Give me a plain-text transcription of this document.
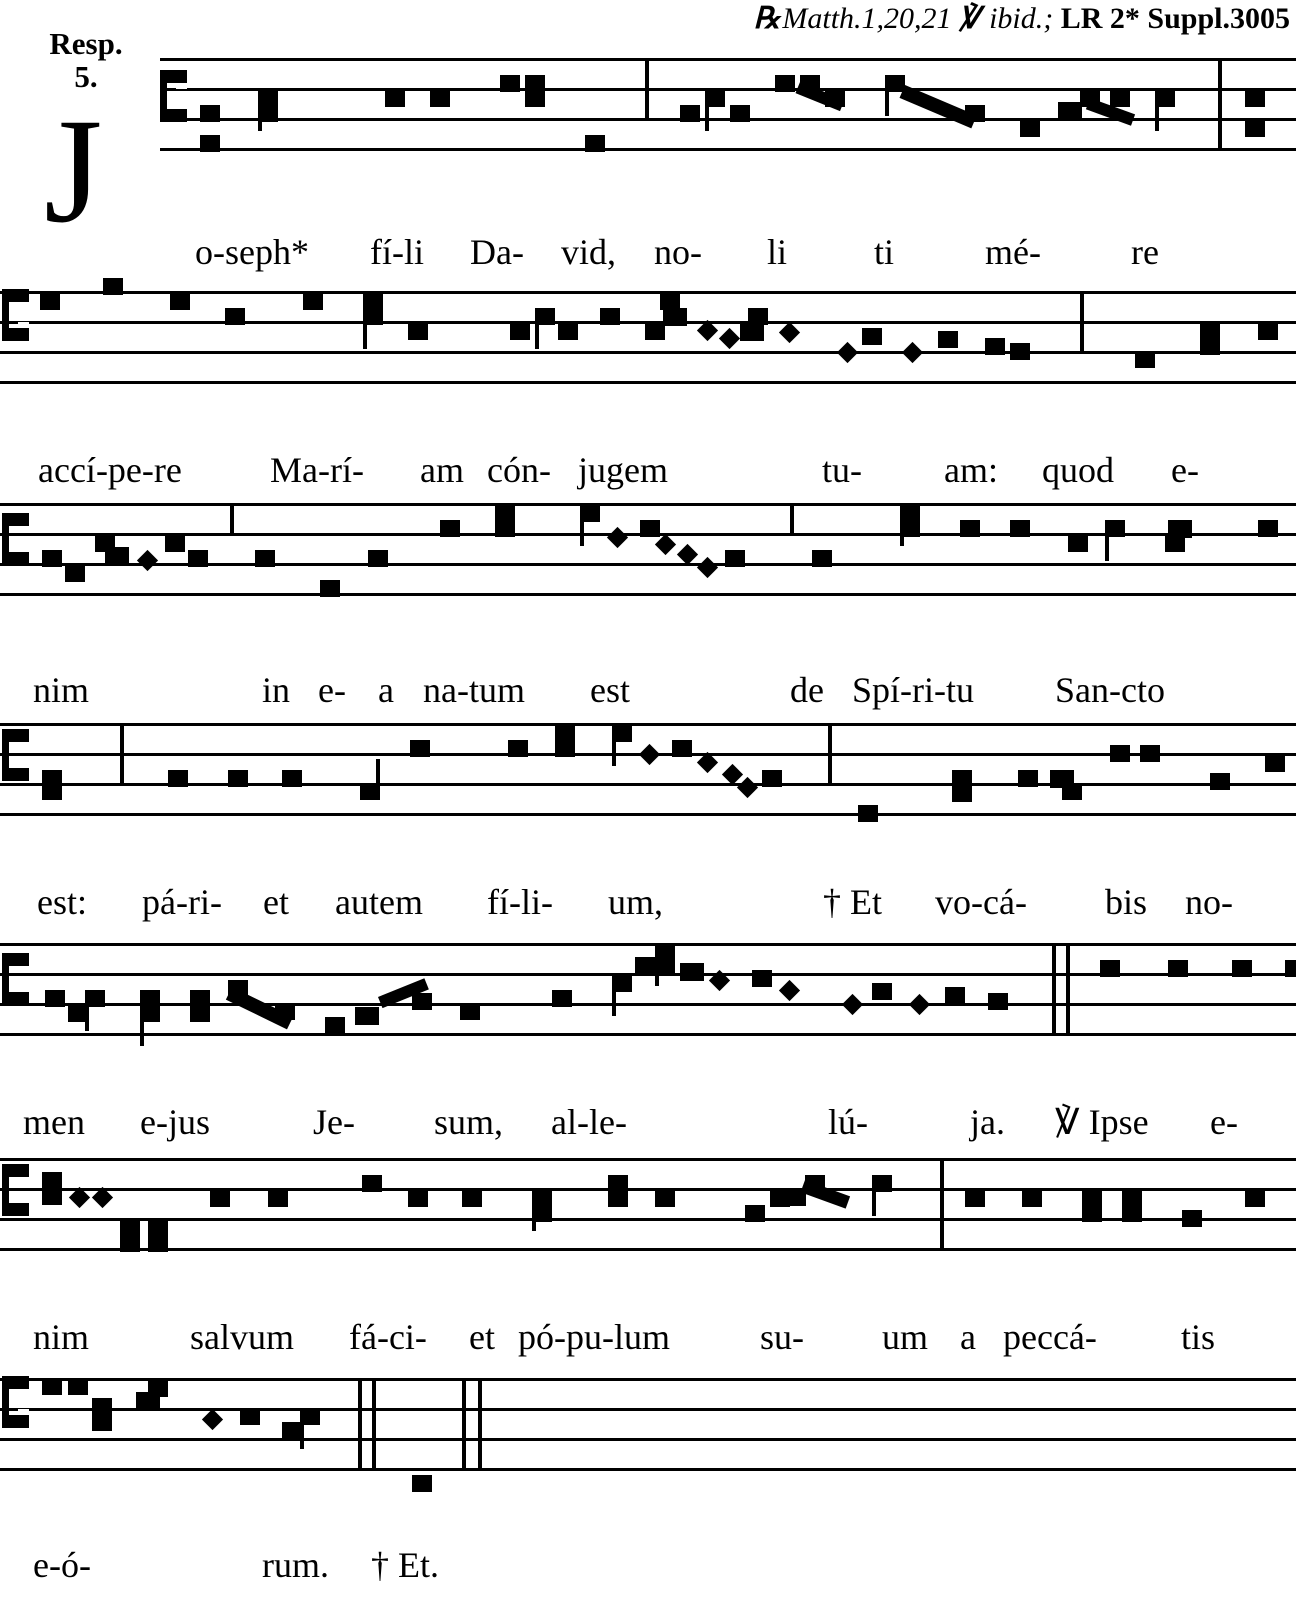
℞Matth.1,20,21 ℣ ibid.; LR 2* Suppl.3005
Resp.
5.
J	o-seph* fí-li Da- vid, no- li ti	mé-	re
accí-pe-re Ma-rí- am cón- jugem	tu- am: quod e-
nim	in e- a na-tum est	de Spí-ri-tu San-cto
est: pá-ri- et autem fí-li- um,	† Et vo-cá- bis no-
men e-jus	Je- sum, al-le-	lú-	ja. ℣ Ipse e-
nim	salvum fá-ci- et pó-pu-lum	su- um a peccá- tis
e-ó-	rum. † Et.
